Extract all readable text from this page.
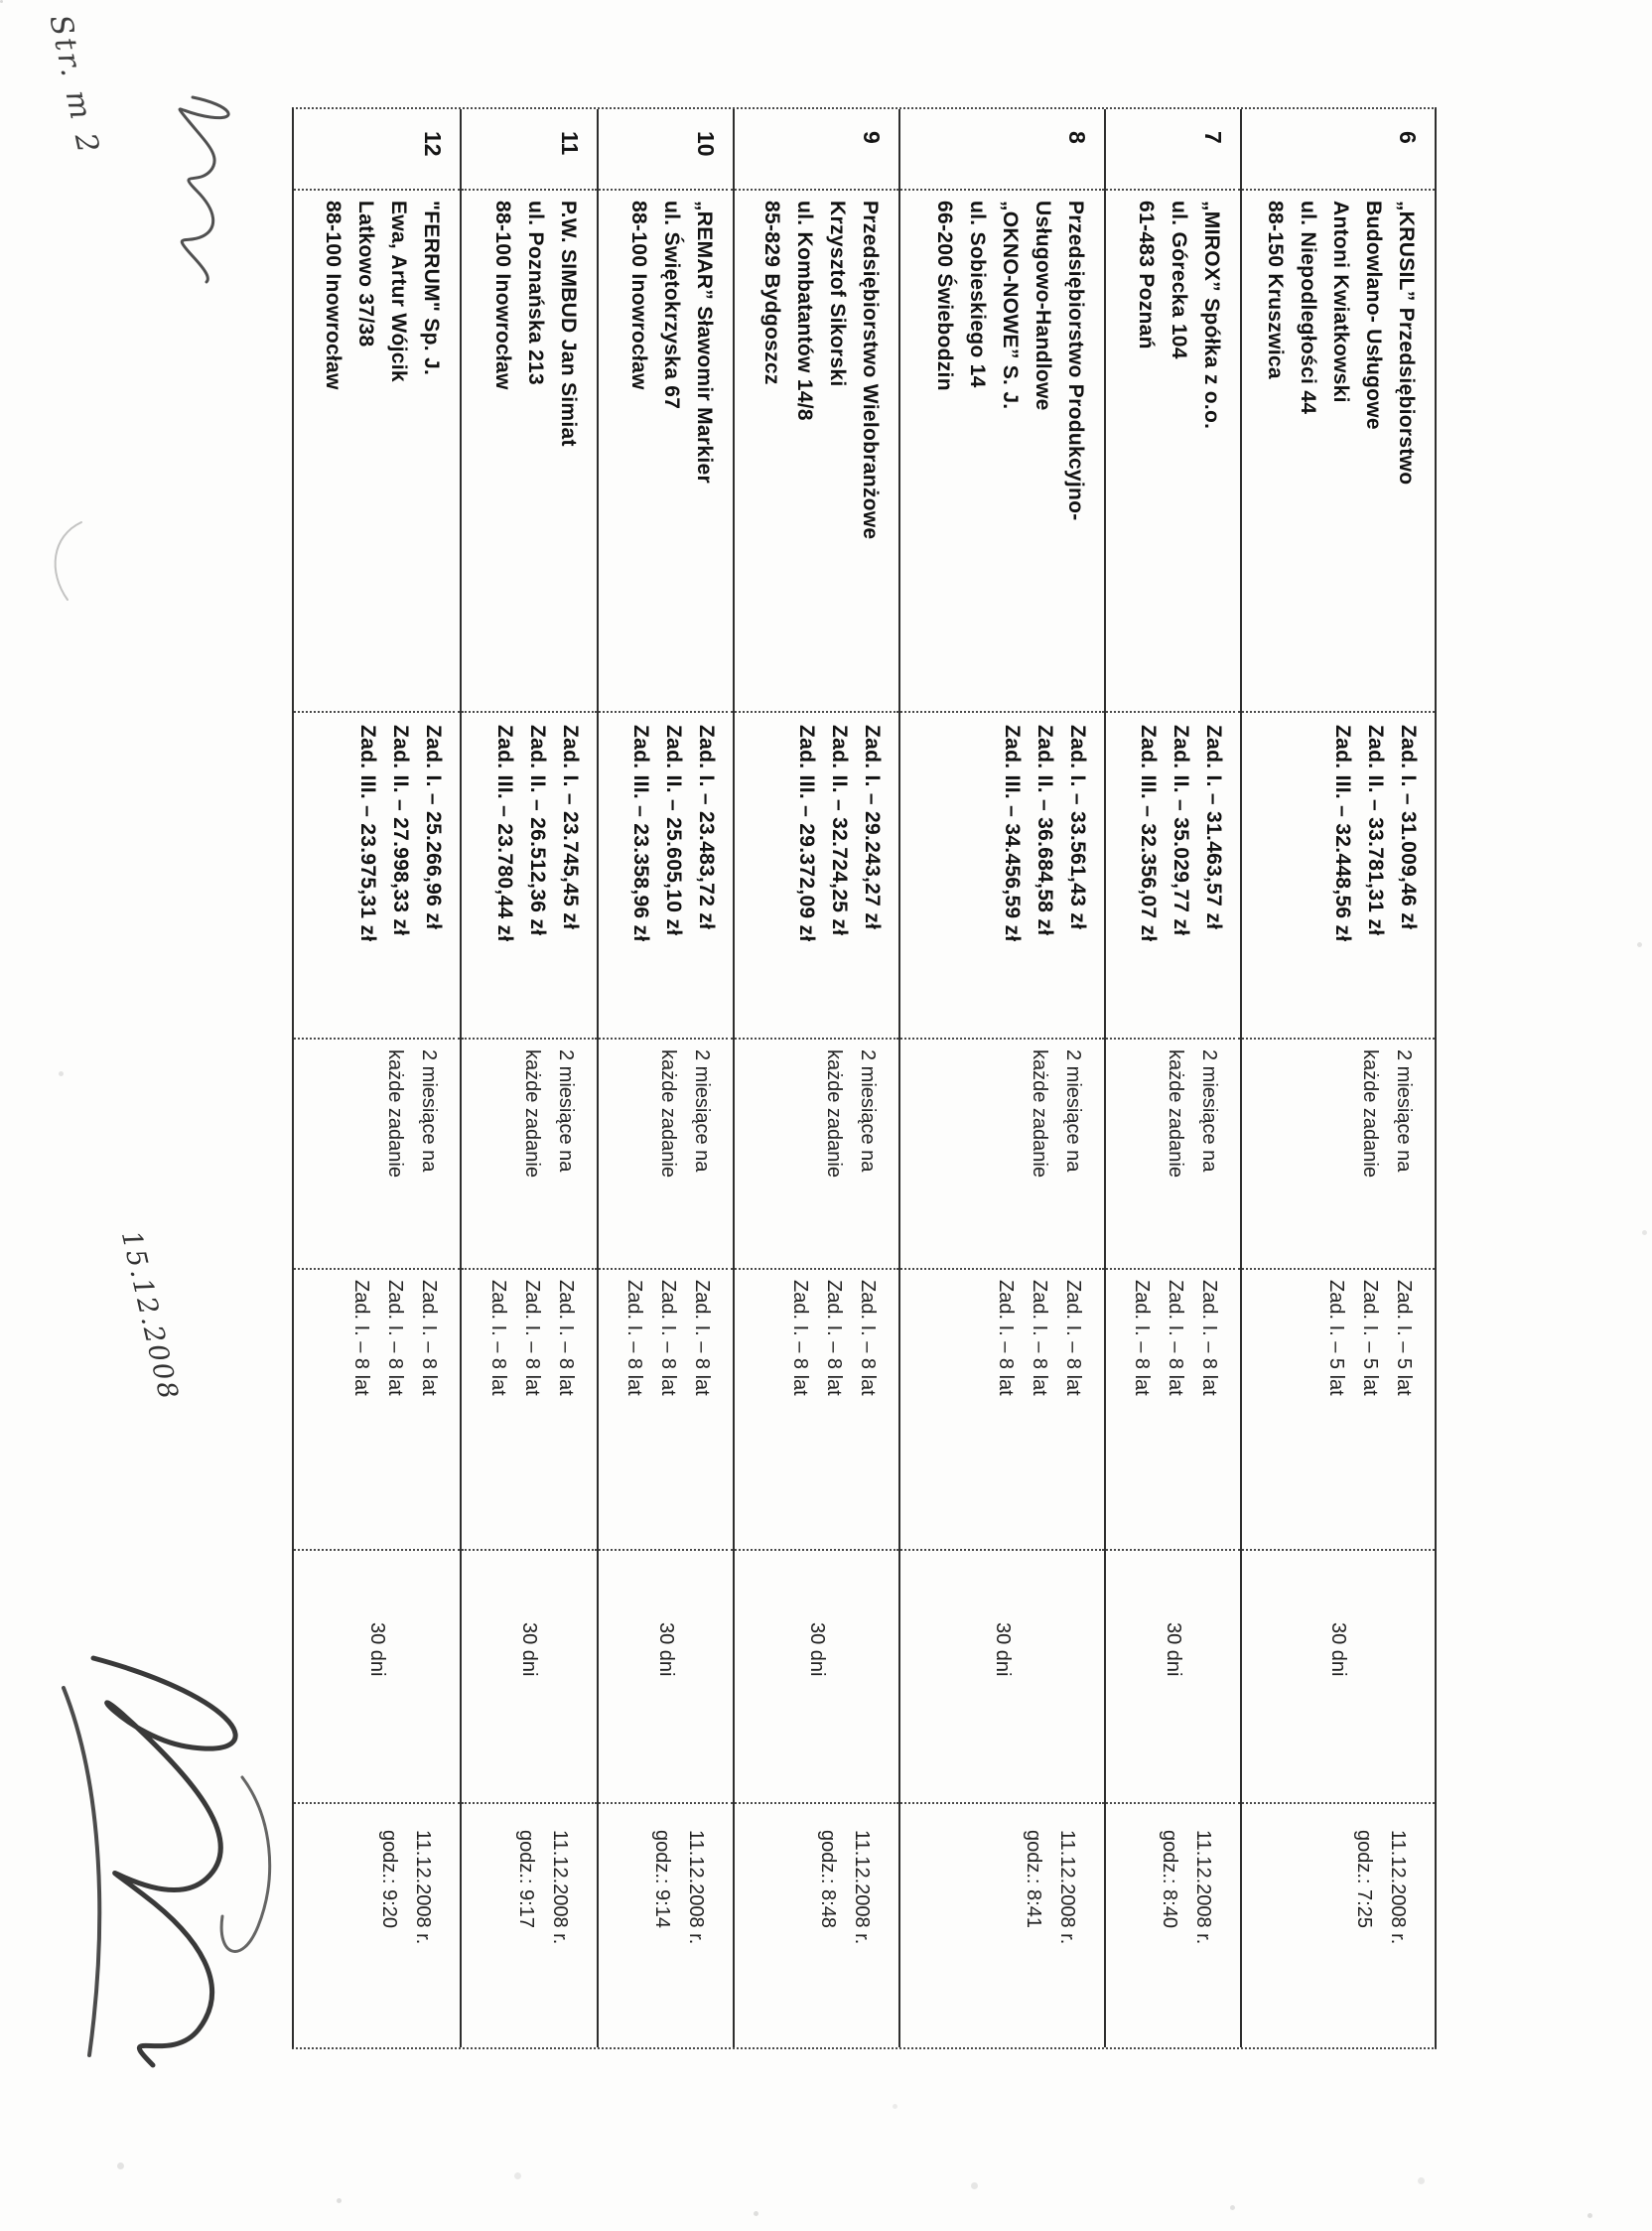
6
„KRUSIL” Przedsiębiorstwo
Budowlano- Usługowe
Antoni Kwiatkowski
ul. Niepodległości 44
88-150 Kruszwica
Zad. I. – 31.009,46 zł
Zad. II. – 33.781,31 zł
Zad. III. – 32.448,56 zł
2 miesiące na
każde zadanie
Zad. I. – 5 lat
Zad. I. – 5 lat
Zad. I. – 5 lat
30 dni
11.12.2008 r.
godz.: 7:25
7
„MIROX” Spółka z o.o.
ul. Górecka 104
61-483 Poznań
Zad. I. – 31.463,57 zł
Zad. II. – 35.029,77 zł
Zad. III. – 32.356,07 zł
2 miesiące na
każde zadanie
Zad. I. – 8 lat
Zad. I. – 8 lat
Zad. I. – 8 lat
30 dni
11.12.2008 r.
godz.: 8:40
8
Przedsiębiorstwo Produkcyjno-
Usługowo-Handlowe
„OKNO-NOWE” S. J.
ul. Sobieskiego 14
66-200 Świebodzin
Zad. I. – 33.561,43 zł
Zad. II. – 36.684,58 zł
Zad. III. – 34.456,59 zł
2 miesiące na
każde zadanie
Zad. I. – 8 lat
Zad. I. – 8 lat
Zad. I. – 8 lat
30 dni
11.12.2008 r.
godz.: 8:41
9
Przedsiębiorstwo Wielobranżowe
Krzysztof Sikorski
ul. Kombatantów 14/8
85-829 Bydgoszcz
Zad. I. – 29.243,27 zł
Zad. II. – 32.724,25 zł
Zad. III. – 29.372,09 zł
2 miesiące na
każde zadanie
Zad. I. – 8 lat
Zad. I. – 8 lat
Zad. I. – 8 lat
30 dni
11.12.2008 r.
godz.: 8:48
10
„REMAR” Sławomir Markier
ul. Świętokrzyska 67
88-100 Inowrocław
Zad. I. – 23.483,72 zł
Zad. II. – 25.605,10 zł
Zad. III. – 23.358,96 zł
2 miesiące na
każde zadanie
Zad. I. – 8 lat
Zad. I. – 8 lat
Zad. I. – 8 lat
30 dni
11.12.2008 r.
godz.: 9:14
11
P.W. SIMBUD Jan Simiat
ul. Poznańska 213
88-100 Inowrocław
Zad. I. – 23.745,45 zł
Zad. II. – 26.512,36 zł
Zad. III. – 23.780,44 zł
2 miesiące na
każde zadanie
Zad. I. – 8 lat
Zad. I. – 8 lat
Zad. I. – 8 lat
30 dni
11.12.2008 r.
godz.: 9:17
12
"FERRUM" Sp. J.
Ewa, Artur Wójcik
Latkowo 37/38
88-100 Inowrocław
Zad. I. – 25.266,96 zł
Zad. II. – 27.998,33 zł
Zad. III. – 23.975,31 zł
2 miesiące na
każde zadanie
Zad. I. – 8 lat
Zad. I. – 8 lat
Zad. I. – 8 lat
30 dni
11.12.2008 r.
godz.: 9:20
Str. m 2
15.12.2008
